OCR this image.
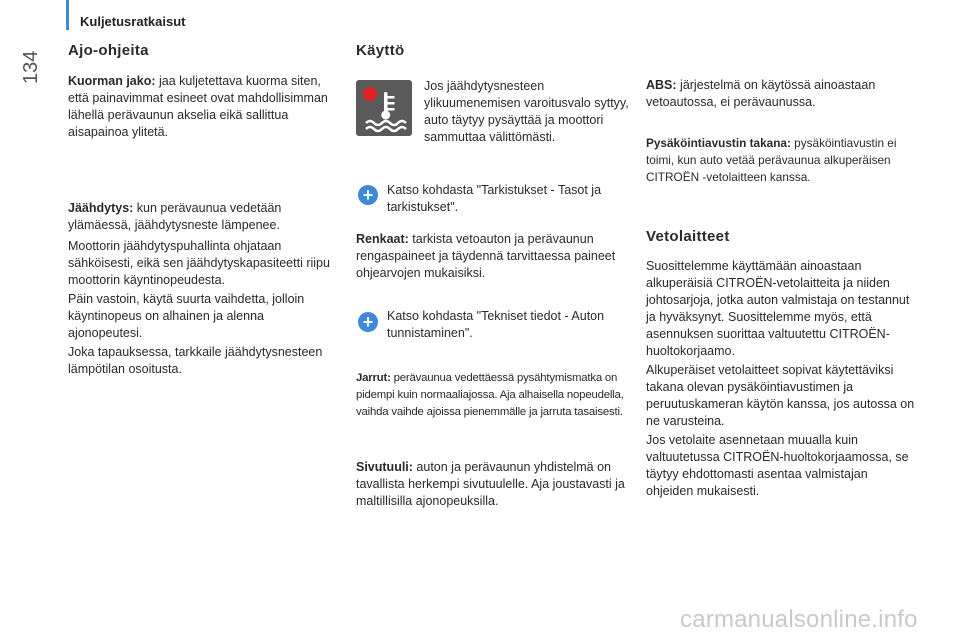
Kuljetusratkaisut
134
Ajo-ohjeita

Kuorman jako: jaa kuljetettava kuorma siten, että painavimmat esineet ovat mahdollisimman lähellä perävaunun akselia eikä sallittua aisapainoa ylitetä.

Jäähdytys: kun perävaunua vedetään ylämäessä, jäähdytysneste lämpenee.

Moottorin jäähdytyspuhallinta ohjataan sähköisesti, eikä sen jäähdytyskapasiteetti riipu moottorin käyntinopeudesta.

Päin vastoin, käytä suurta vaihdetta, jolloin käyntinopeus on alhainen ja alenna ajonopeutesi.

Joka tapauksessa, tarkkaile jäähdytysnesteen lämpötilan osoitusta.

Käyttö

Jos jäähdytysnesteen ylikuumenemisen varoitusvalo syttyy, auto täytyy pysäyttää ja moottori sammuttaa välittömästi.

+	Katso kohdasta "Tarkistukset - Tasot ja tarkistukset".

Renkaat: tarkista vetoauton ja perävaunun rengaspaineet ja täydennä tarvittaessa paineet ohjearvojen mukaisiksi.

+	Katso kohdasta "Tekniset tiedot - Auton tunnistaminen".

Jarrut: perävaunua vedettäessä pysähtymismatka on pidempi kuin normaaliajossa. Aja alhaisella nopeudella, vaihda vaihde ajoissa pienemmälle ja jarruta tasaisesti.

Sivutuuli: auton ja perävaunun yhdistelmä on tavallista herkempi sivutuulelle. Aja joustavasti ja maltillisilla ajonopeuksilla.

ABS: järjestelmä on käytössä ainoastaan vetoautossa, ei perävaunussa.

Pysäköintiavustin takana: pysäköintiavustin ei toimi, kun auto vetää perävaunua alkuperäisen CITROËN -vetolaitteen kanssa.

Vetolaitteet

Suosittelemme käyttämään ainoastaan alkuperäisiä CITROËN-vetolaitteita ja niiden johtosarjoja, jotka auton valmistaja on testannut ja hyväksynyt. Suosittelemme myös, että asennuksen suorittaa valtuutettu CITROËN-huoltokorjaamo.

Alkuperäiset vetolaitteet sopivat käytettäviksi takana olevan pysäköintiavustimen ja peruutuskameran käytön kanssa, jos autossa on ne varusteina.

Jos vetolaite asennetaan muualla kuin valtuutetussa CITROËN-huoltokorjaamossa, se täytyy ehdottomasti asentaa valmistajan ohjeiden mukaisesti.

carmanualsonline.info
